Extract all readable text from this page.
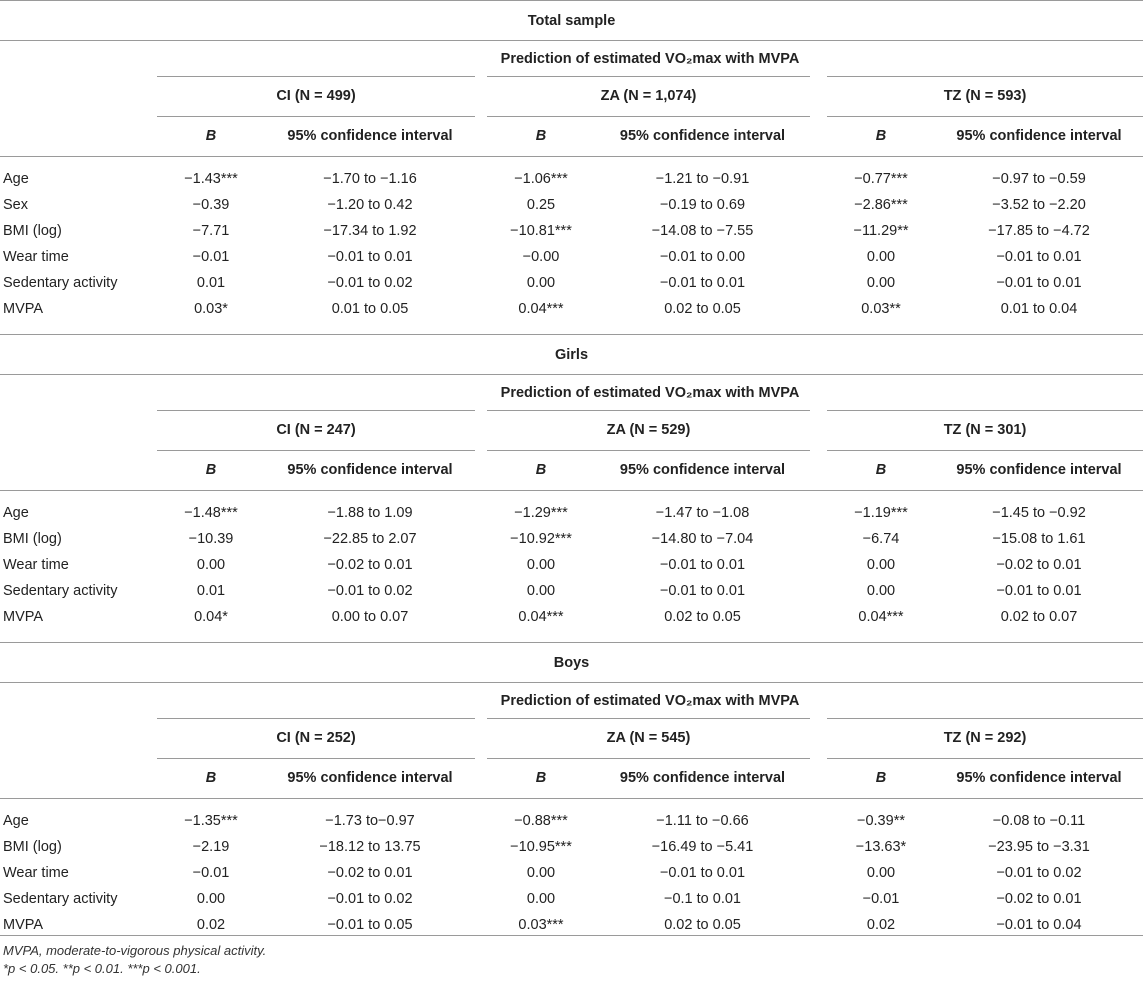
Total sample
Prediction of estimated VO₂max with MVPA
CI (N = 499)	ZA (N = 1,074)	TZ (N = 593)
B	95% confidence interval	B	95% confidence interval	B	95% confidence interval
Age	−1.43***	−1.70 to −1.16	−1.06***	−1.21 to −0.91	−0.77***	−0.97 to −0.59
Sex	−0.39	−1.20 to 0.42	0.25	−0.19 to 0.69	−2.86***	−3.52 to −2.20
BMI (log)	−7.71	−17.34 to 1.92	−10.81***	−14.08 to −7.55	−11.29**	−17.85 to −4.72
Wear time	−0.01	−0.01 to 0.01	−0.00	−0.01 to 0.00	0.00	−0.01 to 0.01
Sedentary activity	0.01	−0.01 to 0.02	0.00	−0.01 to 0.01	0.00	−0.01 to 0.01
MVPA	0.03*	0.01 to 0.05	0.04***	0.02 to 0.05	0.03**	0.01 to 0.04
Girls
Prediction of estimated VO₂max with MVPA
CI (N = 247)	ZA (N = 529)	TZ (N = 301)
B	95% confidence interval	B	95% confidence interval	B	95% confidence interval
Age	−1.48***	−1.88 to 1.09	−1.29***	−1.47 to −1.08	−1.19***	−1.45 to −0.92
BMI (log)	−10.39	−22.85 to 2.07	−10.92***	−14.80 to −7.04	−6.74	−15.08 to 1.61
Wear time	0.00	−0.02 to 0.01	0.00	−0.01 to 0.01	0.00	−0.02 to 0.01
Sedentary activity	0.01	−0.01 to 0.02	0.00	−0.01 to 0.01	0.00	−0.01 to 0.01
MVPA	0.04*	0.00 to 0.07	0.04***	0.02 to 0.05	0.04***	0.02 to 0.07
Boys
Prediction of estimated VO₂max with MVPA
CI (N = 252)	ZA (N = 545)	TZ (N = 292)
B	95% confidence interval	B	95% confidence interval	B	95% confidence interval
Age	−1.35***	−1.73 to−0.97	−0.88***	−1.11 to −0.66	−0.39**	−0.08 to −0.11
BMI (log)	−2.19	−18.12 to 13.75	−10.95***	−16.49 to −5.41	−13.63*	−23.95 to −3.31
Wear time	−0.01	−0.02 to 0.01	0.00	−0.01 to 0.01	0.00	−0.01 to 0.02
Sedentary activity	0.00	−0.01 to 0.02	0.00	−0.1 to 0.01	−0.01	−0.02 to 0.01
MVPA	0.02	−0.01 to 0.05	0.03***	0.02 to 0.05	0.02	−0.01 to 0.04
MVPA, moderate-to-vigorous physical activity.
*p < 0.05. **p < 0.01. ***p < 0.001.
